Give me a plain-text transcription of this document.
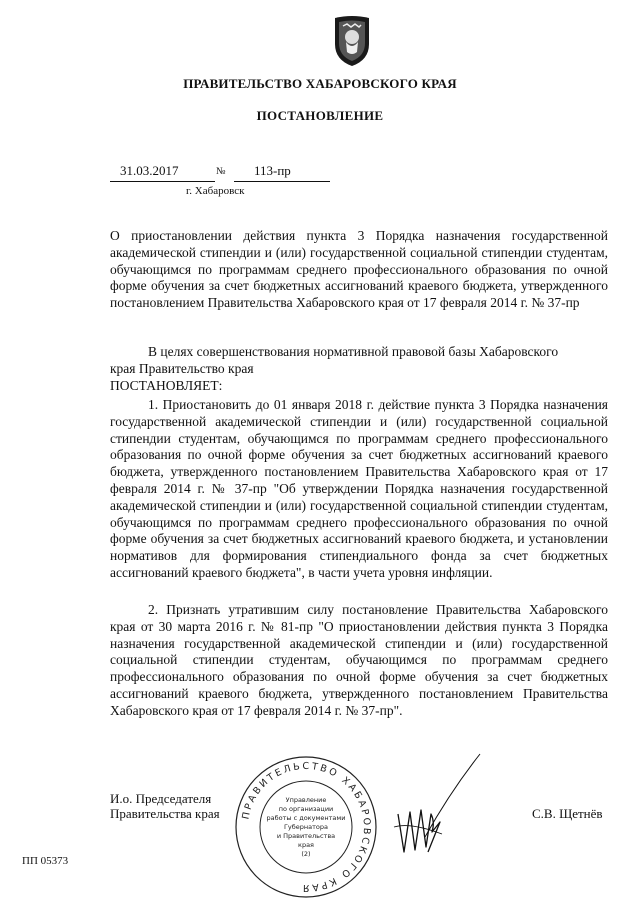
ПРАВИТЕЛЬСТВО ХАБАРОВСКОГО КРАЯ
ПОСТАНОВЛЕНИЕ
31.03.2017	№ 113-пр
г. Хабаровск
О приостановлении действия пункта 3 Порядка назначения государственной академической стипендии и (или) государственной социальной стипендии студентам, обучающимся по программам среднего профессионального образования по очной форме обучения за счет бюджетных ассигнований краевого бюджета, утвержденного постановлением Правительства Хабаровского края от 17 февраля 2014 г. № 37-пр
В целях совершенствования нормативной правовой базы Хабаровского
края Правительство края
ПОСТАНОВЛЯЕТ:

1. Приостановить до 01 января 2018 г. действие пункта 3 Порядка назначения государственной академической стипендии и (или) государственной социальной стипендии студентам, обучающимся по программам среднего профессионального образования по очной форме обучения за счет бюджетных ассигнований краевого бюджета, утвержденного постановлением Правительства Хабаровского края от 17 февраля 2014 г. № 37-пр "Об утверждении Порядка назначения государственной академической стипендии и (или) государственной социальной стипендии студентам, обучающимся по программам среднего профессионального образования по очной форме обучения за счет бюджетных ассигнований краевого бюджета, и установлении нормативов для формирования стипендиального фонда за счет бюджетных ассигнований краевого бюджета", в части учета уровня инфляции.

2. Признать утратившим силу постановление Правительства Хабаровского края от 30 марта 2016 г. № 81-пр "О приостановлении действия пункта 3 Порядка назначения государственной академической стипендии и (или) государственной социальной стипендии студентам, обучающимся по программам среднего профессионального образования по очной форме обучения за счет бюджетных ассигнований краевого бюджета, утвержденного постановлением Правительства Хабаровского края от 17 февраля 2014 г. № 37-пр".

ПРАВИТЕЛЬСТВО ХАБАРОВСКОГО КРАЯ
Управление
по организации
работы с документами
Губернатора
и Правительства
края
(2)
И.о. Председателя
Правительства края	С.В. Щетнёв
ПП 05373
